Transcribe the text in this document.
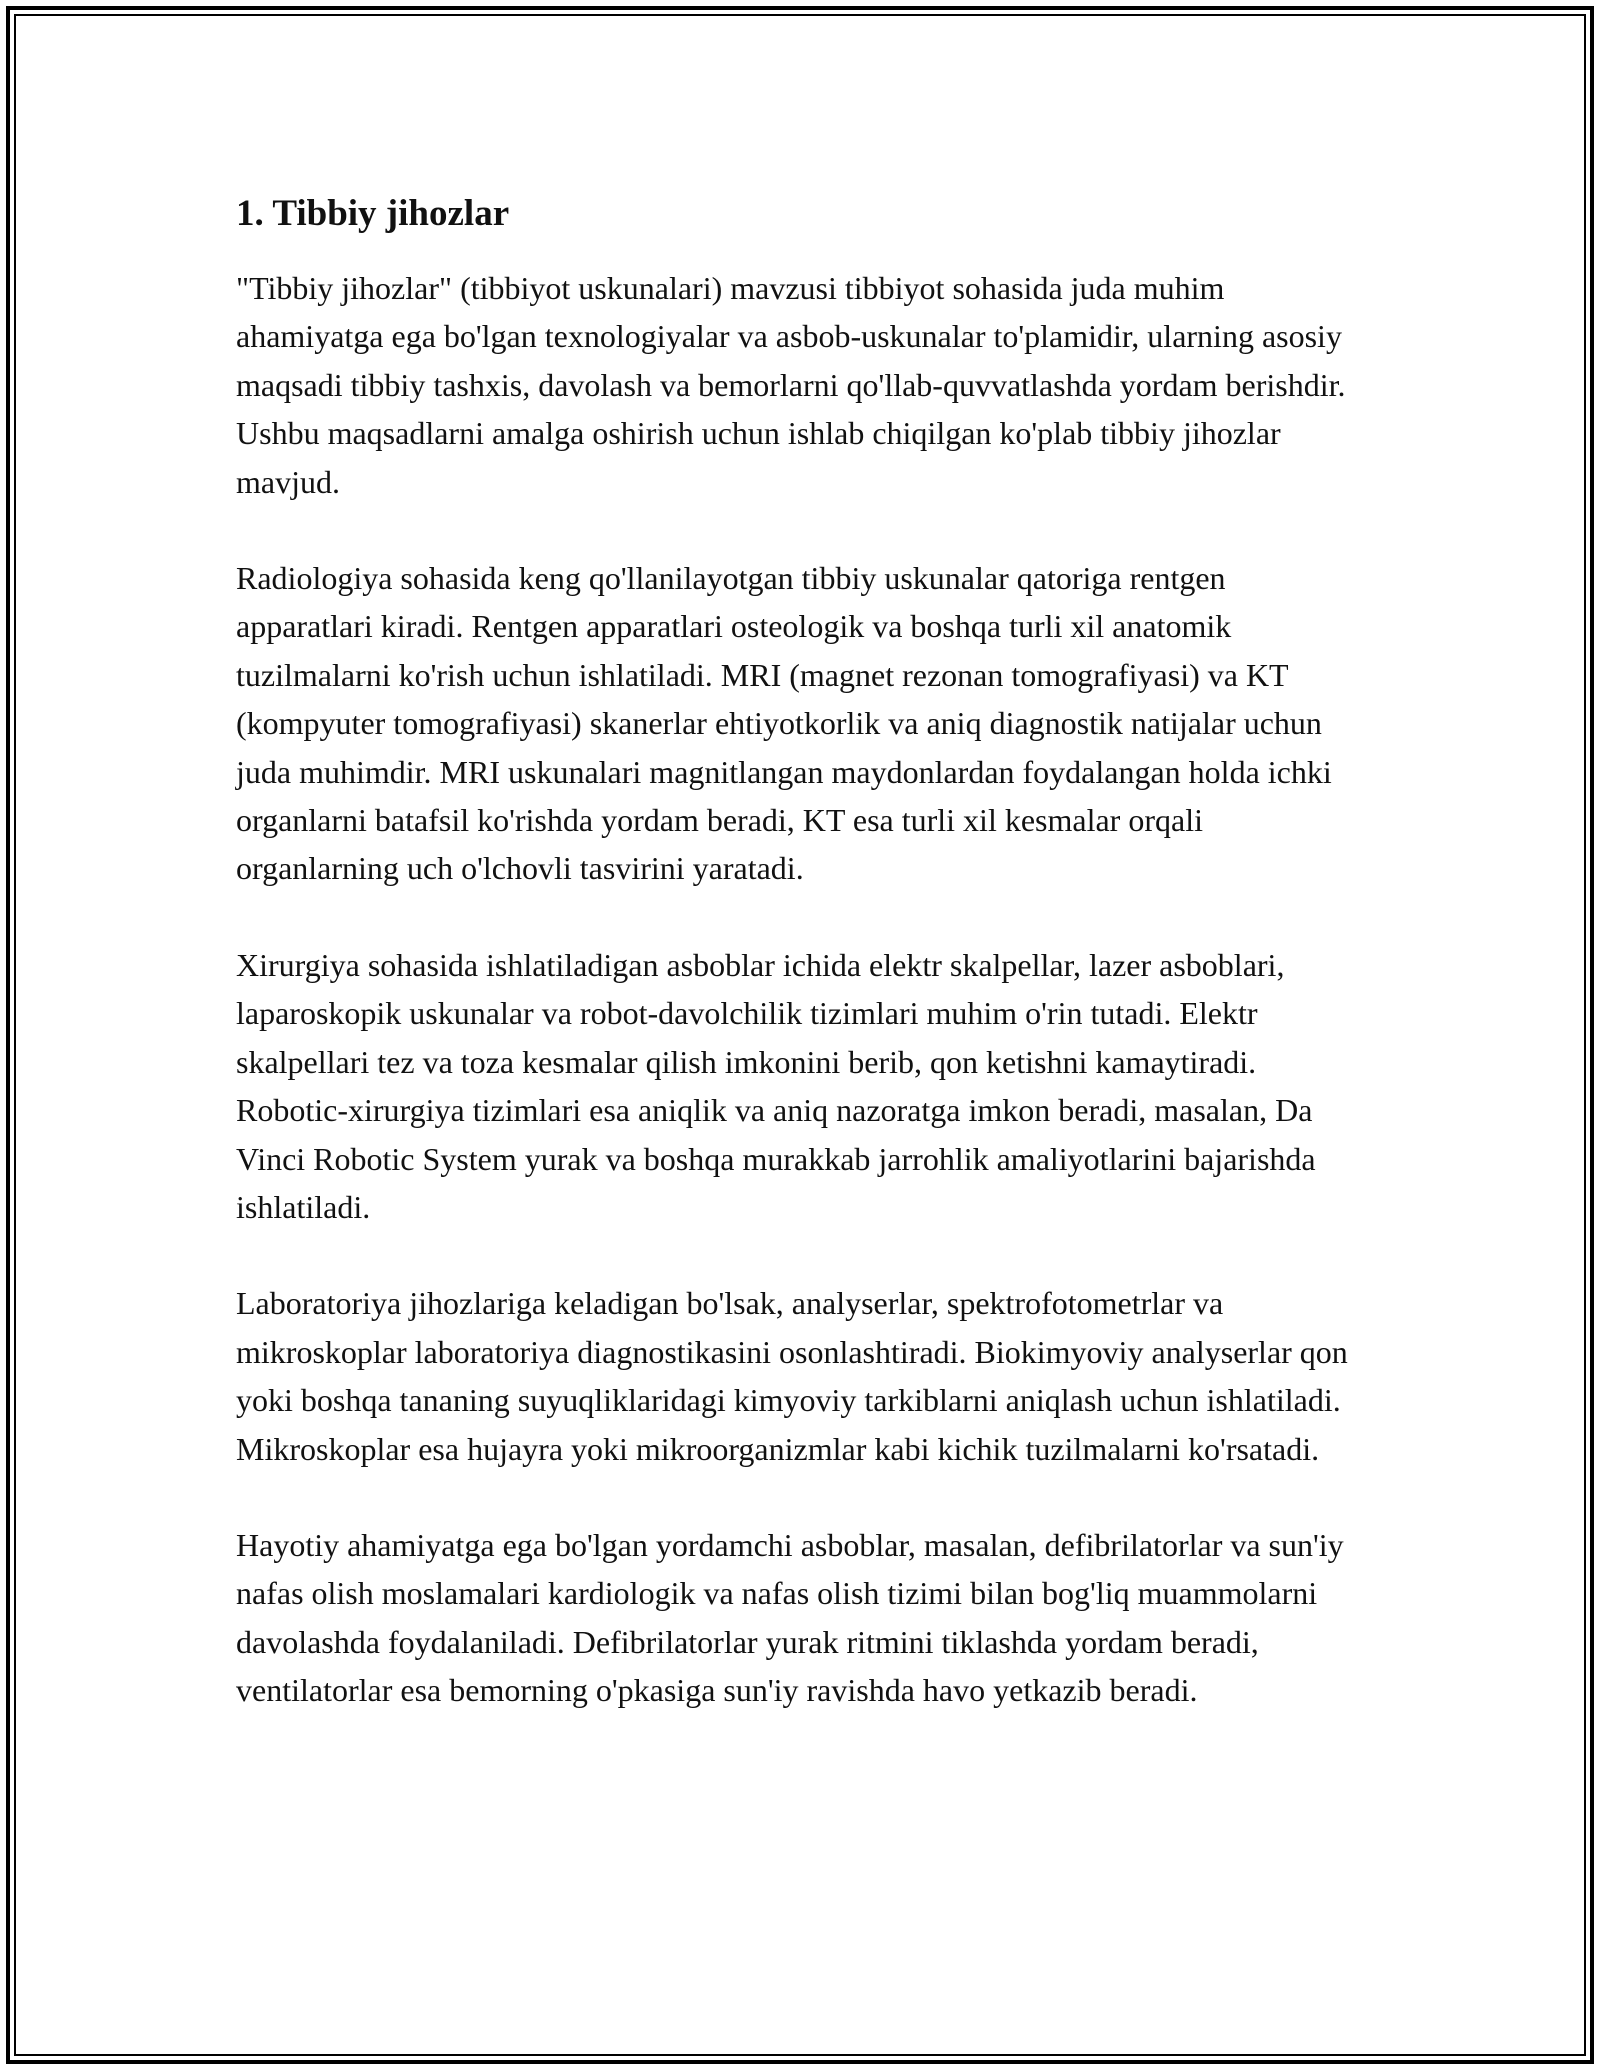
1. Tibbiy jihozlar

"Tibbiy jihozlar" (tibbiyot uskunalari) mavzusi tibbiyot sohasida juda muhim ahamiyatga ega bo'lgan texnologiyalar va asbob-uskunalar to'plamidir, ularning asosiy maqsadi tibbiy tashxis, davolash va bemorlarni qo'llab-quvvatlashda yordam berishdir. Ushbu maqsadlarni amalga oshirish uchun ishlab chiqilgan ko'plab tibbiy jihozlar mavjud.

Radiologiya sohasida keng qo'llanilayotgan tibbiy uskunalar qatoriga rentgen apparatlari kiradi. Rentgen apparatlari osteologik va boshqa turli xil anatomik tuzilmalarni ko'rish uchun ishlatiladi. MRI (magnet rezonan tomografiyasi) va KT (kompyuter tomografiyasi) skanerlar ehtiyotkorlik va aniq diagnostik natijalar uchun juda muhimdir. MRI uskunalari magnitlangan maydonlardan foydalangan holda ichki organlarni batafsil ko'rishda yordam beradi, KT esa turli xil kesmalar orqali organlarning uch o'lchovli tasvirini yaratadi.

Xirurgiya sohasida ishlatiladigan asboblar ichida elektr skalpellar, lazer asboblari, laparoskopik uskunalar va robot-davolchilik tizimlari muhim o'rin tutadi. Elektr skalpellari tez va toza kesmalar qilish imkonini berib, qon ketishni kamaytiradi. Robotic-xirurgiya tizimlari esa aniqlik va aniq nazoratga imkon beradi, masalan, Da Vinci Robotic System yurak va boshqa murakkab jarrohlik amaliyotlarini bajarishda ishlatiladi.

Laboratoriya jihozlariga keladigan bo'lsak, analyserlar, spektrofotometrlar va mikroskoplar laboratoriya diagnostikasini osonlashtiradi. Biokimyoviy analyserlar qon yoki boshqa tananing suyuqliklaridagi kimyoviy tarkiblarni aniqlash uchun ishlatiladi. Mikroskoplar esa hujayra yoki mikroorganizmlar kabi kichik tuzilmalarni ko'rsatadi.

Hayotiy ahamiyatga ega bo'lgan yordamchi asboblar, masalan, defibrilatorlar va sun'iy nafas olish moslamalari kardiologik va nafas olish tizimi bilan bog'liq muammolarni davolashda foydalaniladi. Defibrilatorlar yurak ritmini tiklashda yordam beradi, ventilatorlar esa bemorning o'pkasiga sun'iy ravishda havo yetkazib beradi.
